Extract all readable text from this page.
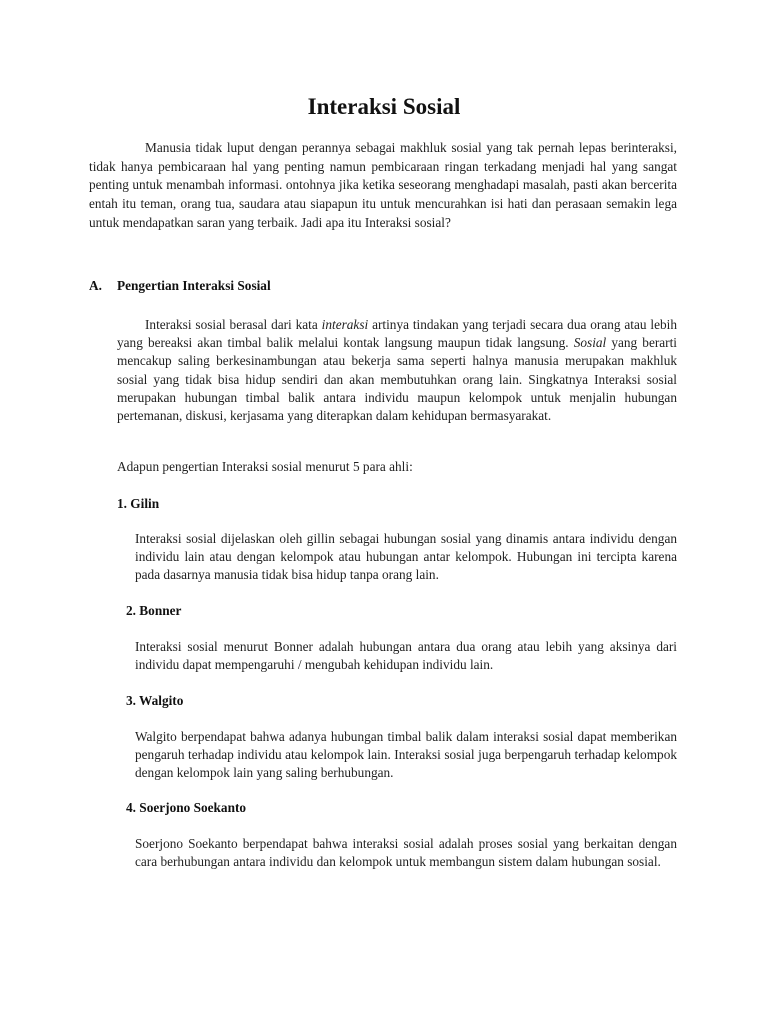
Interaksi Sosial

Manusia tidak luput dengan perannya sebagai makhluk sosial yang tak pernah lepas berinteraksi, tidak hanya pembicaraan hal yang penting namun pembicaraan ringan terkadang menjadi hal yang sangat penting untuk menambah informasi. ontohnya jika ketika seseorang menghadapi masalah, pasti akan bercerita entah itu teman, orang tua, saudara atau siapapun itu untuk mencurahkan isi hati dan perasaan semakin lega untuk mendapatkan saran yang terbaik. Jadi apa itu Interaksi sosial?

A. Pengertian Interaksi Sosial

Interaksi sosial berasal dari kata interaksi artinya tindakan yang terjadi secara dua orang atau lebih yang bereaksi akan timbal balik melalui kontak langsung maupun tidak langsung. Sosial yang berarti mencakup saling berkesinambungan atau bekerja sama seperti halnya manusia merupakan makhluk sosial yang tidak bisa hidup sendiri dan akan membutuhkan orang lain. Singkatnya Interaksi sosial merupakan hubungan timbal balik antara individu maupun kelompok untuk menjalin hubungan pertemanan, diskusi, kerjasama yang diterapkan dalam kehidupan bermasyarakat.

Adapun pengertian Interaksi sosial menurut 5 para ahli:

1. Gilin

Interaksi sosial dijelaskan oleh gillin sebagai hubungan sosial yang dinamis antara individu dengan individu lain atau dengan kelompok atau hubungan antar kelompok. Hubungan ini tercipta karena pada dasarnya manusia tidak bisa hidup tanpa orang lain.

2. Bonner

Interaksi sosial menurut Bonner adalah hubungan antara dua orang atau lebih yang aksinya dari individu dapat mempengaruhi / mengubah kehidupan individu lain.

3. Walgito

Walgito berpendapat bahwa adanya hubungan timbal balik dalam interaksi sosial dapat memberikan pengaruh terhadap individu atau kelompok lain. Interaksi sosial juga berpengaruh terhadap kelompok dengan kelompok lain yang saling berhubungan.

4. Soerjono Soekanto

Soerjono Soekanto berpendapat bahwa interaksi sosial adalah proses sosial yang berkaitan dengan cara berhubungan antara individu dan kelompok untuk membangun sistem dalam hubungan sosial.
